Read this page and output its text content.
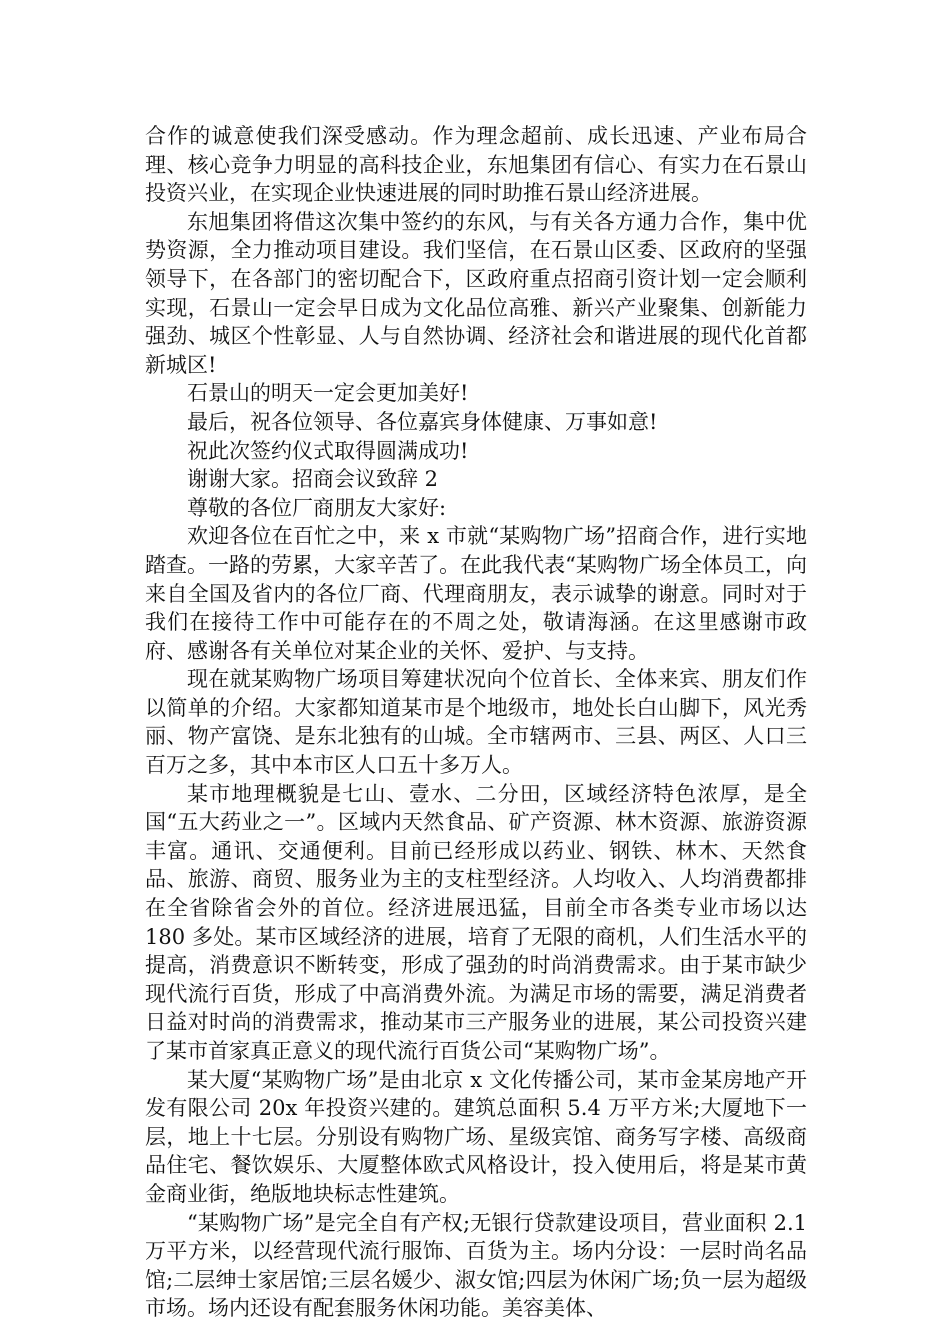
合作的诚意使我们深受感动。作为理念超前、成长迅速、产业布局合理、核心竞争力明显的高科技企业，东旭集团有信心、有实力在石景山投资兴业，在实现企业快速进展的同时助推石景山经济进展。

东旭集团将借这次集中签约的东风，与有关各方通力合作，集中优势资源，全力推动项目建设。我们坚信，在石景山区委、区政府的坚强领导下，在各部门的密切配合下，区政府重点招商引资计划一定会顺利实现，石景山一定会早日成为文化品位高雅、新兴产业聚集、创新能力强劲、城区个性彰显、人与自然协调、经济社会和谐进展的现代化首都新城区!

石景山的明天一定会更加美好!

最后，祝各位领导、各位嘉宾身体健康、万事如意!

祝此次签约仪式取得圆满成功!

谢谢大家。招商会议致辞 2

尊敬的各位厂商朋友大家好:

欢迎各位在百忙之中，来 x 市就“某购物广场”招商合作，进行实地踏查。一路的劳累，大家辛苦了。在此我代表“某购物广场全体员工，向来自全国及省内的各位厂商、代理商朋友，表示诚挚的谢意。同时对于我们在接待工作中可能存在的不周之处，敬请海涵。在这里感谢市政府、感谢各有关单位对某企业的关怀、爱护、与支持。

现在就某购物广场项目筹建状况向个位首长、全体来宾、朋友们作以简单的介绍。大家都知道某市是个地级市，地处长白山脚下，风光秀丽、物产富饶、是东北独有的山城。全市辖两市、三县、两区、人口三百万之多，其中本市区人口五十多万人。

某市地理概貌是七山、壹水、二分田，区域经济特色浓厚，是全国“五大药业之一”。区域内天然食品、矿产资源、林木资源、旅游资源丰富。通讯、交通便利。目前已经形成以药业、钢铁、林木、天然食品、旅游、商贸、服务业为主的支柱型经济。人均收入、人均消费都排在全省除省会外的首位。经济进展迅猛，目前全市各类专业市场以达 180 多处。某市区域经济的进展，培育了无限的商机，人们生活水平的提高，消费意识不断转变，形成了强劲的时尚消费需求。由于某市缺少现代流行百货，形成了中高消费外流。为满足市场的需要，满足消费者日益对时尚的消费需求，推动某市三产服务业的进展，某公司投资兴建了某市首家真正意义的现代流行百货公司“某购物广场”。

某大厦“某购物广场”是由北京 x 文化传播公司，某市金某房地产开发有限公司 20x 年投资兴建的。建筑总面积 5.4 万平方米;大厦地下一层，地上十七层。分别设有购物广场、星级宾馆、商务写字楼、高级商品住宅、餐饮娱乐、大厦整体欧式风格设计，投入使用后，将是某市黄金商业街，绝版地块标志性建筑。

“某购物广场”是完全自有产权;无银行贷款建设项目，营业面积 2.1 万平方米，以经营现代流行服饰、百货为主。场内分设：一层时尚名品馆;二层绅士家居馆;三层名媛少、淑女馆;四层为休闲广场;负一层为超级市场。场内还设有配套服务休闲功能。美容美体、
